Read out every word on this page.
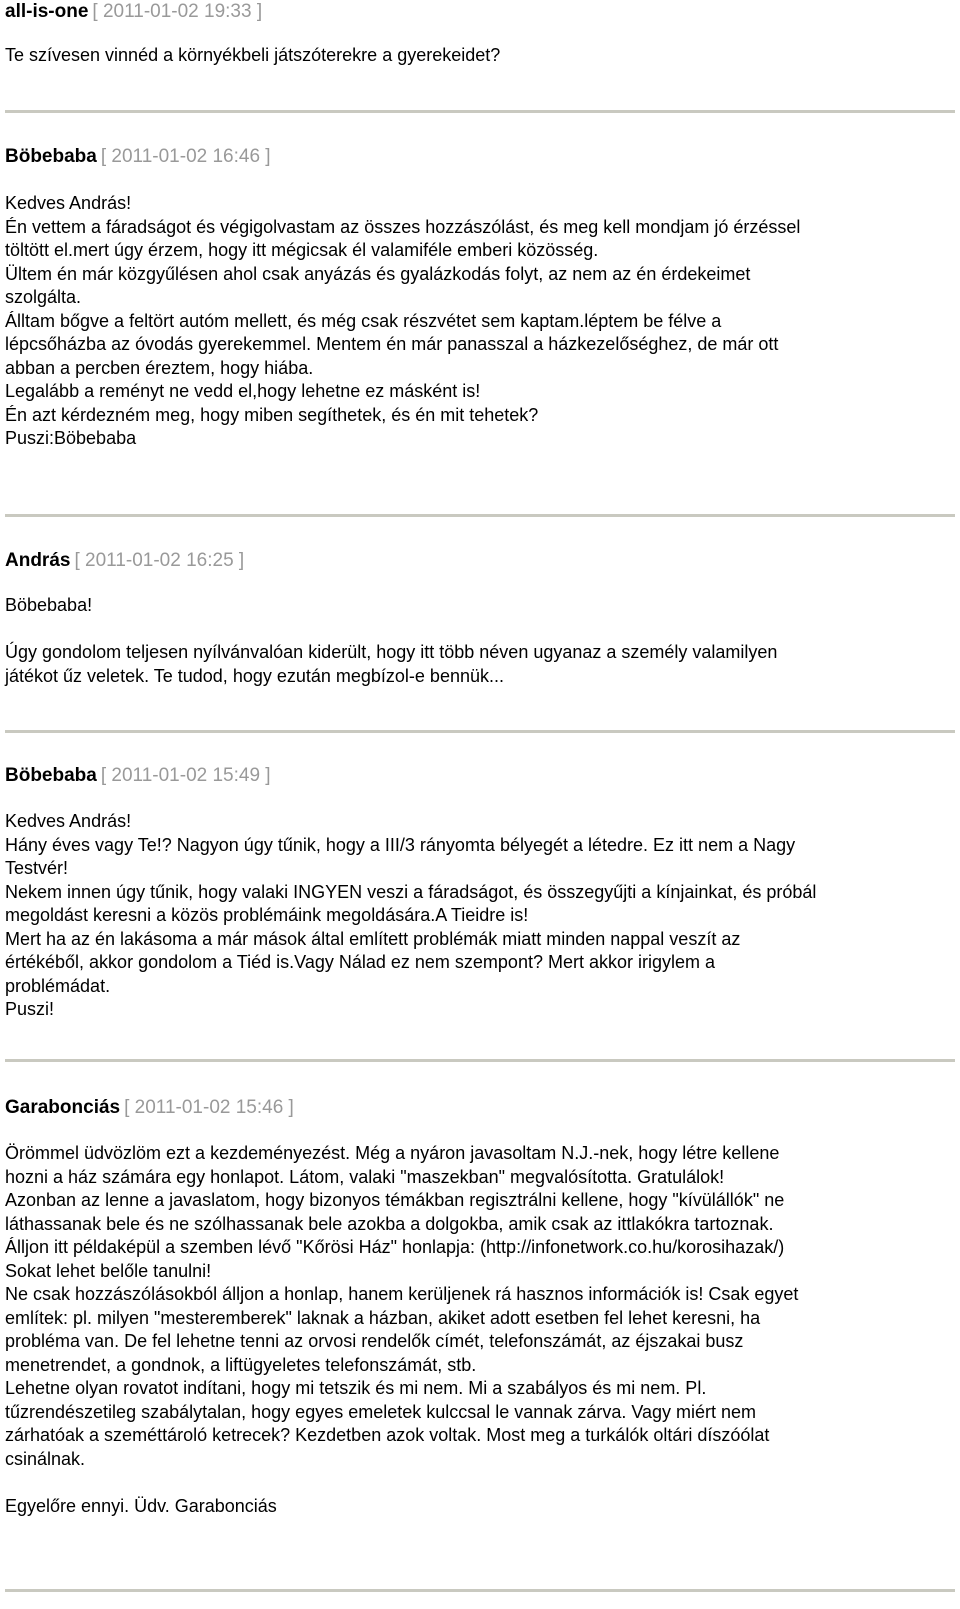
all-is-one [ 2011-01-02 19:33 ]
Te szívesen vinnéd a környékbeli játszóterekre a gyerekeidet?
Böbebaba [ 2011-01-02 16:46 ]
Kedves András!
Én vettem a fáradságot és végigolvastam az összes hozzászólást, és meg kell mondjam jó érzéssel
töltött el.mert úgy érzem, hogy itt mégicsak él valamiféle emberi közösség.
Ültem én már közgyűlésen ahol csak anyázás és gyalázkodás folyt, az nem az én érdekeimet
szolgálta.
Álltam bőgve a feltört autóm mellett, és még csak részvétet sem kaptam.léptem be félve a
lépcsőházba az óvodás gyerekemmel. Mentem én már panasszal a házkezelőséghez, de már ott
abban a percben éreztem, hogy hiába.
Legalább a reményt ne vedd el,hogy lehetne ez másként is!
Én azt kérdezném meg, hogy miben segíthetek, és én mit tehetek?
Puszi:Böbebaba
András [ 2011-01-02 16:25 ]
Böbebaba!
Úgy gondolom teljesen nyílvánvalóan kiderült, hogy itt több néven ugyanaz a személy valamilyen
játékot űz veletek. Te tudod, hogy ezután megbízol-e bennük...
Böbebaba [ 2011-01-02 15:49 ]
Kedves András!
Hány éves vagy Te!? Nagyon úgy tűnik, hogy a III/3 rányomta bélyegét a létedre. Ez itt nem a Nagy
Testvér!
Nekem innen úgy tűnik, hogy valaki INGYEN veszi a fáradságot, és összegyűjti a kínjainkat, és próbál
megoldást keresni a közös problémáink megoldására.A Tieidre is!
Mert ha az én lakásoma a már mások által említett problémák miatt minden nappal veszít az
értékéből, akkor gondolom a Tiéd is.Vagy Nálad ez nem szempont? Mert akkor irigylem a
problémádat.
Puszi!
Garabonciás [ 2011-01-02 15:46 ]
Örömmel üdvözlöm ezt a kezdeményezést. Még a nyáron javasoltam N.J.-nek, hogy létre kellene
hozni a ház számára egy honlapot. Látom, valaki "maszekban" megvalósította. Gratulálok!
Azonban az lenne a javaslatom, hogy bizonyos témákban regisztrálni kellene, hogy "kívülállók" ne
láthassanak bele és ne szólhassanak bele azokba a dolgokba, amik csak az ittlakókra tartoznak.
Álljon itt példaképül a szemben lévő "Kőrösi Ház" honlapja: (http://infonetwork.co.hu/korosihazak/)
Sokat lehet belőle tanulni!
Ne csak hozzászólásokból álljon a honlap, hanem kerüljenek rá hasznos információk is! Csak egyet
említek: pl. milyen "mesteremberek" laknak a házban, akiket adott esetben fel lehet keresni, ha
probléma van. De fel lehetne tenni az orvosi rendelők címét, telefonszámát, az éjszakai busz
menetrendet, a gondnok, a liftügyeletes telefonszámát, stb.
Lehetne olyan rovatot indítani, hogy mi tetszik és mi nem. Mi a szabályos és mi nem. Pl.
tűzrendészetileg szabálytalan, hogy egyes emeletek kulccsal le vannak zárva. Vagy miért nem
zárhatóak a szeméttároló ketrecek? Kezdetben azok voltak. Most meg a turkálók oltári díszóólat
csinálnak.
Egyelőre ennyi. Üdv. Garabonciás
